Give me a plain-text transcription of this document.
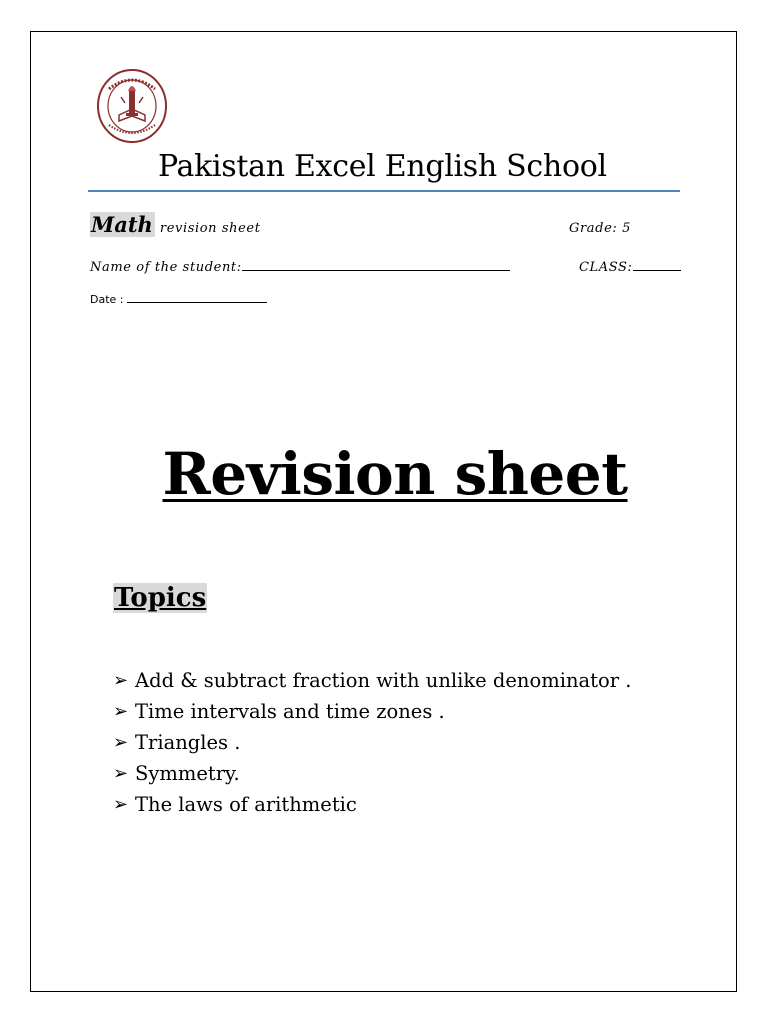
Pakistan Excel English School
Math revision sheet	Grade: 5
Name of the student:	CLASS:
Date :
Revision sheet
Topics
➢ Add & subtract fraction with unlike denominator .
➢ Time intervals and time zones .
➢ Triangles .
➢ Symmetry.
➢ The laws of arithmetic
